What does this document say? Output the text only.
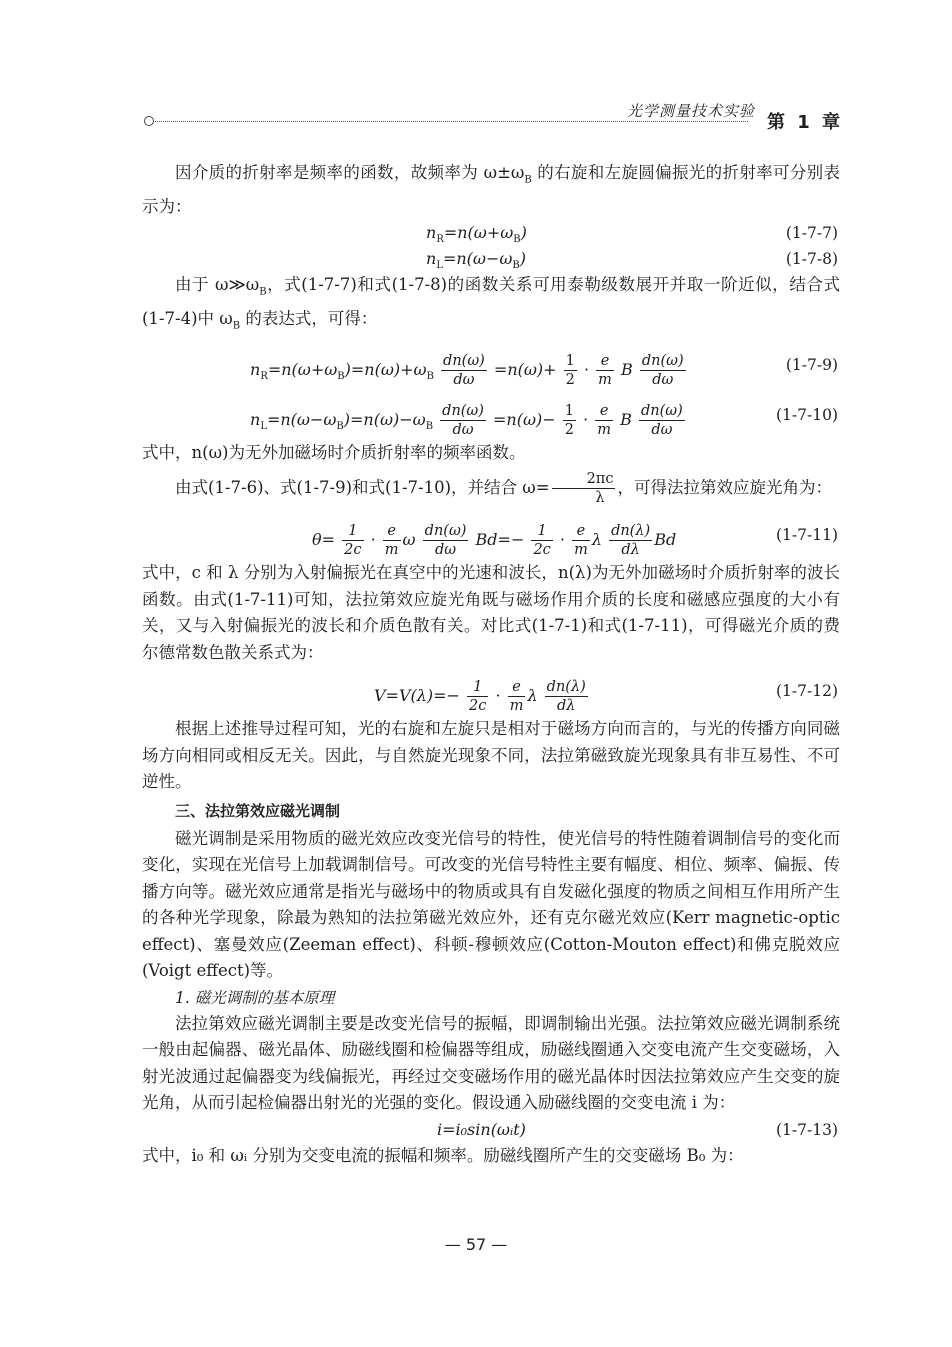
光学测量技术实验
第 1 章

因介质的折射率是频率的函数，故频率为 $\omega\pm\omega_B$ 的右旋和左旋圆偏振光的折射率可分别表示为：

$n_R=n(\omega+\omega_B)$	(1-7-7)
$n_L=n(\omega-\omega_B)$	(1-7-8)

由于 $\omega≫\omega_B$，式(1-7-7)和式(1-7-8)的函数关系可用泰勒级数展开并取一阶近似，结合式(1-7-4)中 $\omega_B$ 的表达式，可得：

$n_R=n(\omega+\omega_B)=n(\omega)+\omega_B \frac{dn(\omega)}{d\omega} =n(\omega)+ \frac{1}{2} \cdot \frac{e}{m}$ B $\frac{dn(\omega)}{d\omega}$	(1-7-9)
$n_L=n(\omega-\omega_B)=n(\omega)-\omega_B \frac{dn(\omega)}{d\omega} =n(\omega)- \frac{1}{2} \cdot \frac{e}{m}$ B $\frac{dn(\omega)}{d\omega}$	(1-7-10)

式中，n(ω)为无外加磁场时介质折射率的频率函数。

由式(1-7-6)、式(1-7-9)和式(1-7-10)，并结合 $\omega= \frac{2\pi c}{\lambda}$ ，可得法拉第效应旋光角为：

$\theta= \frac{1}{2c} \cdot \frac{e}{m}$ ω $\frac{dn(\omega)}{d\omega} Bd=- \frac{1}{2c} \cdot \frac{e}{m}$ λ $\frac{dn(\lambda)}{d\lambda}$ Bd	(1-7-11)

式中，c 和 λ 分别为入射偏振光在真空中的光速和波长，n(λ)为无外加磁场时介质折射率的波长函数。由式(1-7-11)可知，法拉第效应旋光角既与磁场作用介质的长度和磁感应强度的大小有关，又与入射偏振光的波长和介质色散有关。对比式(1-7-1)和式(1-7-11)，可得磁光介质的费尔德常数色散关系式为：

$V=V(\lambda)=- \frac{1}{2c} \cdot \frac{e}{m}$ λ $\frac{dn(\lambda)}{d\lambda}$	(1-7-12)

根据上述推导过程可知，光的右旋和左旋只是相对于磁场方向而言的，与光的传播方向同磁场方向相同或相反无关。因此，与自然旋光现象不同，法拉第磁致旋光现象具有非互易性、不可逆性。

三、法拉第效应磁光调制

磁光调制是采用物质的磁光效应改变光信号的特性，使光信号的特性随着调制信号的变化而变化，实现在光信号上加载调制信号。可改变的光信号特性主要有幅度、相位、频率、偏振、传播方向等。磁光效应通常是指光与磁场中的物质或具有自发磁化强度的物质之间相互作用所产生的各种光学现象，除最为熟知的法拉第磁光效应外，还有克尔磁光效应(Kerr magnetic-optic effect)、塞曼效应(Zeeman effect)、科顿-穆顿效应(Cotton-Mouton effect)和佛克脱效应(Voigt effect)等。

1. 磁光调制的基本原理

法拉第效应磁光调制主要是改变光信号的振幅，即调制输出光强。法拉第效应磁光调制系统一般由起偏器、磁光晶体、励磁线圈和检偏器等组成，励磁线圈通入交变电流产生交变磁场，入射光波通过起偏器变为线偏振光，再经过交变磁场作用的磁光晶体时因法拉第效应产生交变的旋光角，从而引起检偏器出射光的光强的变化。假设通入励磁线圈的交变电流 i 为：

i=i₀sin(ωᵢt)	(1-7-13)

式中，i₀ 和 ωᵢ 分别为交变电流的振幅和频率。励磁线圈所产生的交变磁场 B₀ 为：

— 57 —
